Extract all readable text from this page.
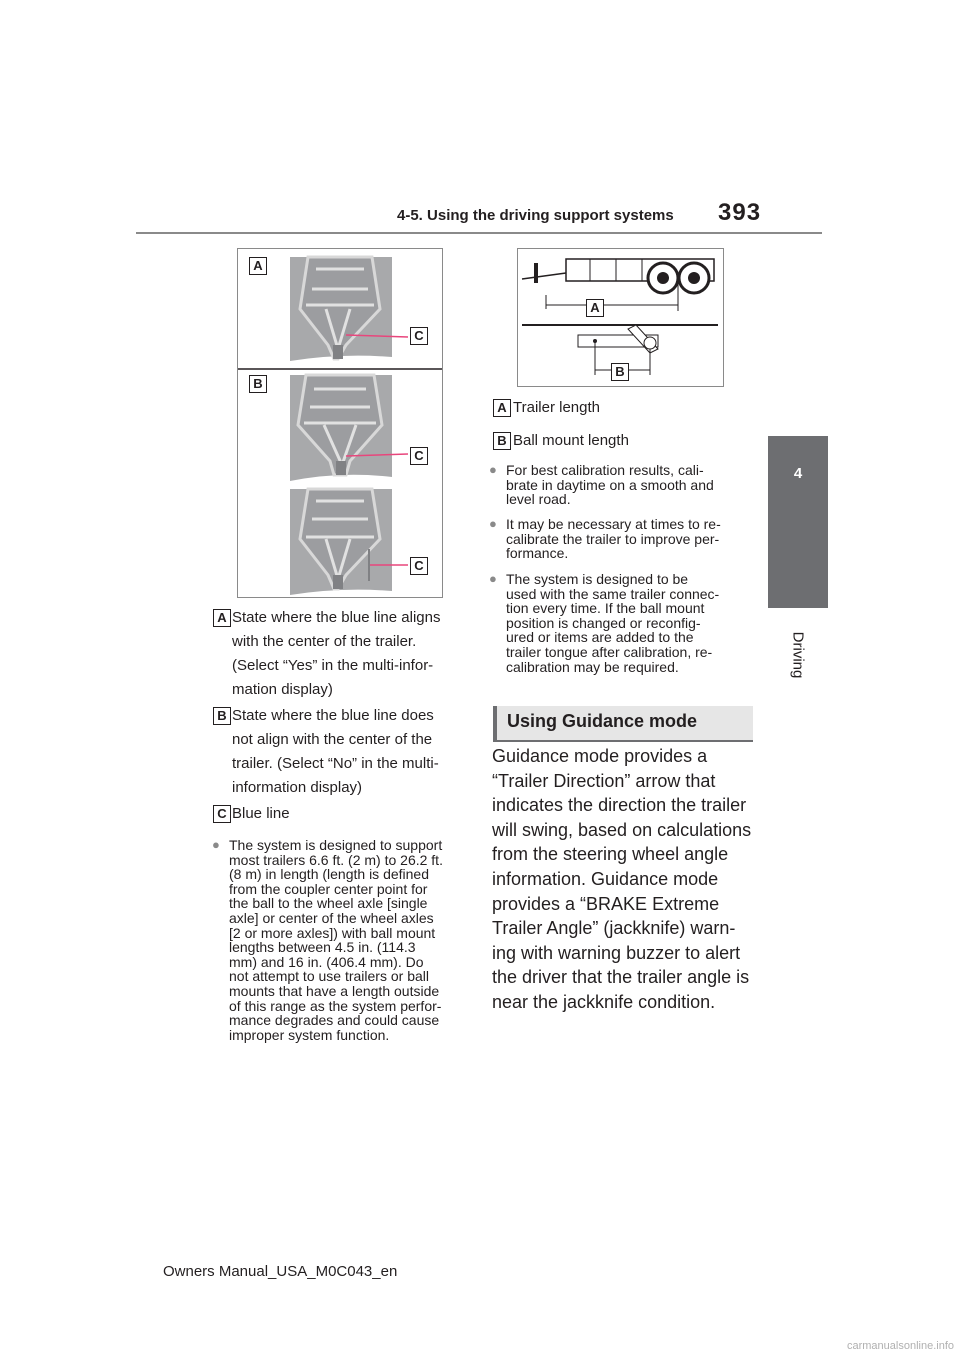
4-5. Using the driving support systems 393
4
Driving
A
B
C
C
C
A
B
A State where the blue line aligns
with the center of the trailer.
(Select “Yes” in the multi-infor-
mation display)
B State where the blue line does
not align with the center of the
trailer. (Select “No” in the multi-
information display)
C Blue line
● The system is designed to support
most trailers 6.6 ft. (2 m) to 26.2 ft.
(8 m) in length (length is defined
from the coupler center point for
the ball to the wheel axle [single
axle] or center of the wheel axles
[2 or more axles]) with ball mount
lengths between 4.5 in. (114.3
mm) and 16 in. (406.4 mm). Do
not attempt to use trailers or ball
mounts that have a length outside
of this range as the system perfor-
mance degrades and could cause
improper system function.
A Trailer length
B Ball mount length
● For best calibration results, cali-
brate in daytime on a smooth and
level road.
● It may be necessary at times to re-
calibrate the trailer to improve per-
formance.
● The system is designed to be
used with the same trailer connec-
tion every time. If the ball mount
position is changed or reconfig-
ured or items are added to the
trailer tongue after calibration, re-
calibration may be required.
Using Guidance mode
Guidance mode provides a
“Trailer Direction” arrow that
indicates the direction the trailer
will swing, based on calculations
from the steering wheel angle
information. Guidance mode
provides a “BRAKE Extreme
Trailer Angle” (jackknife) warn-
ing with warning buzzer to alert
the driver that the trailer angle is
near the jackknife condition.
Owners Manual_USA_M0C043_en
carmanualsonline.info
